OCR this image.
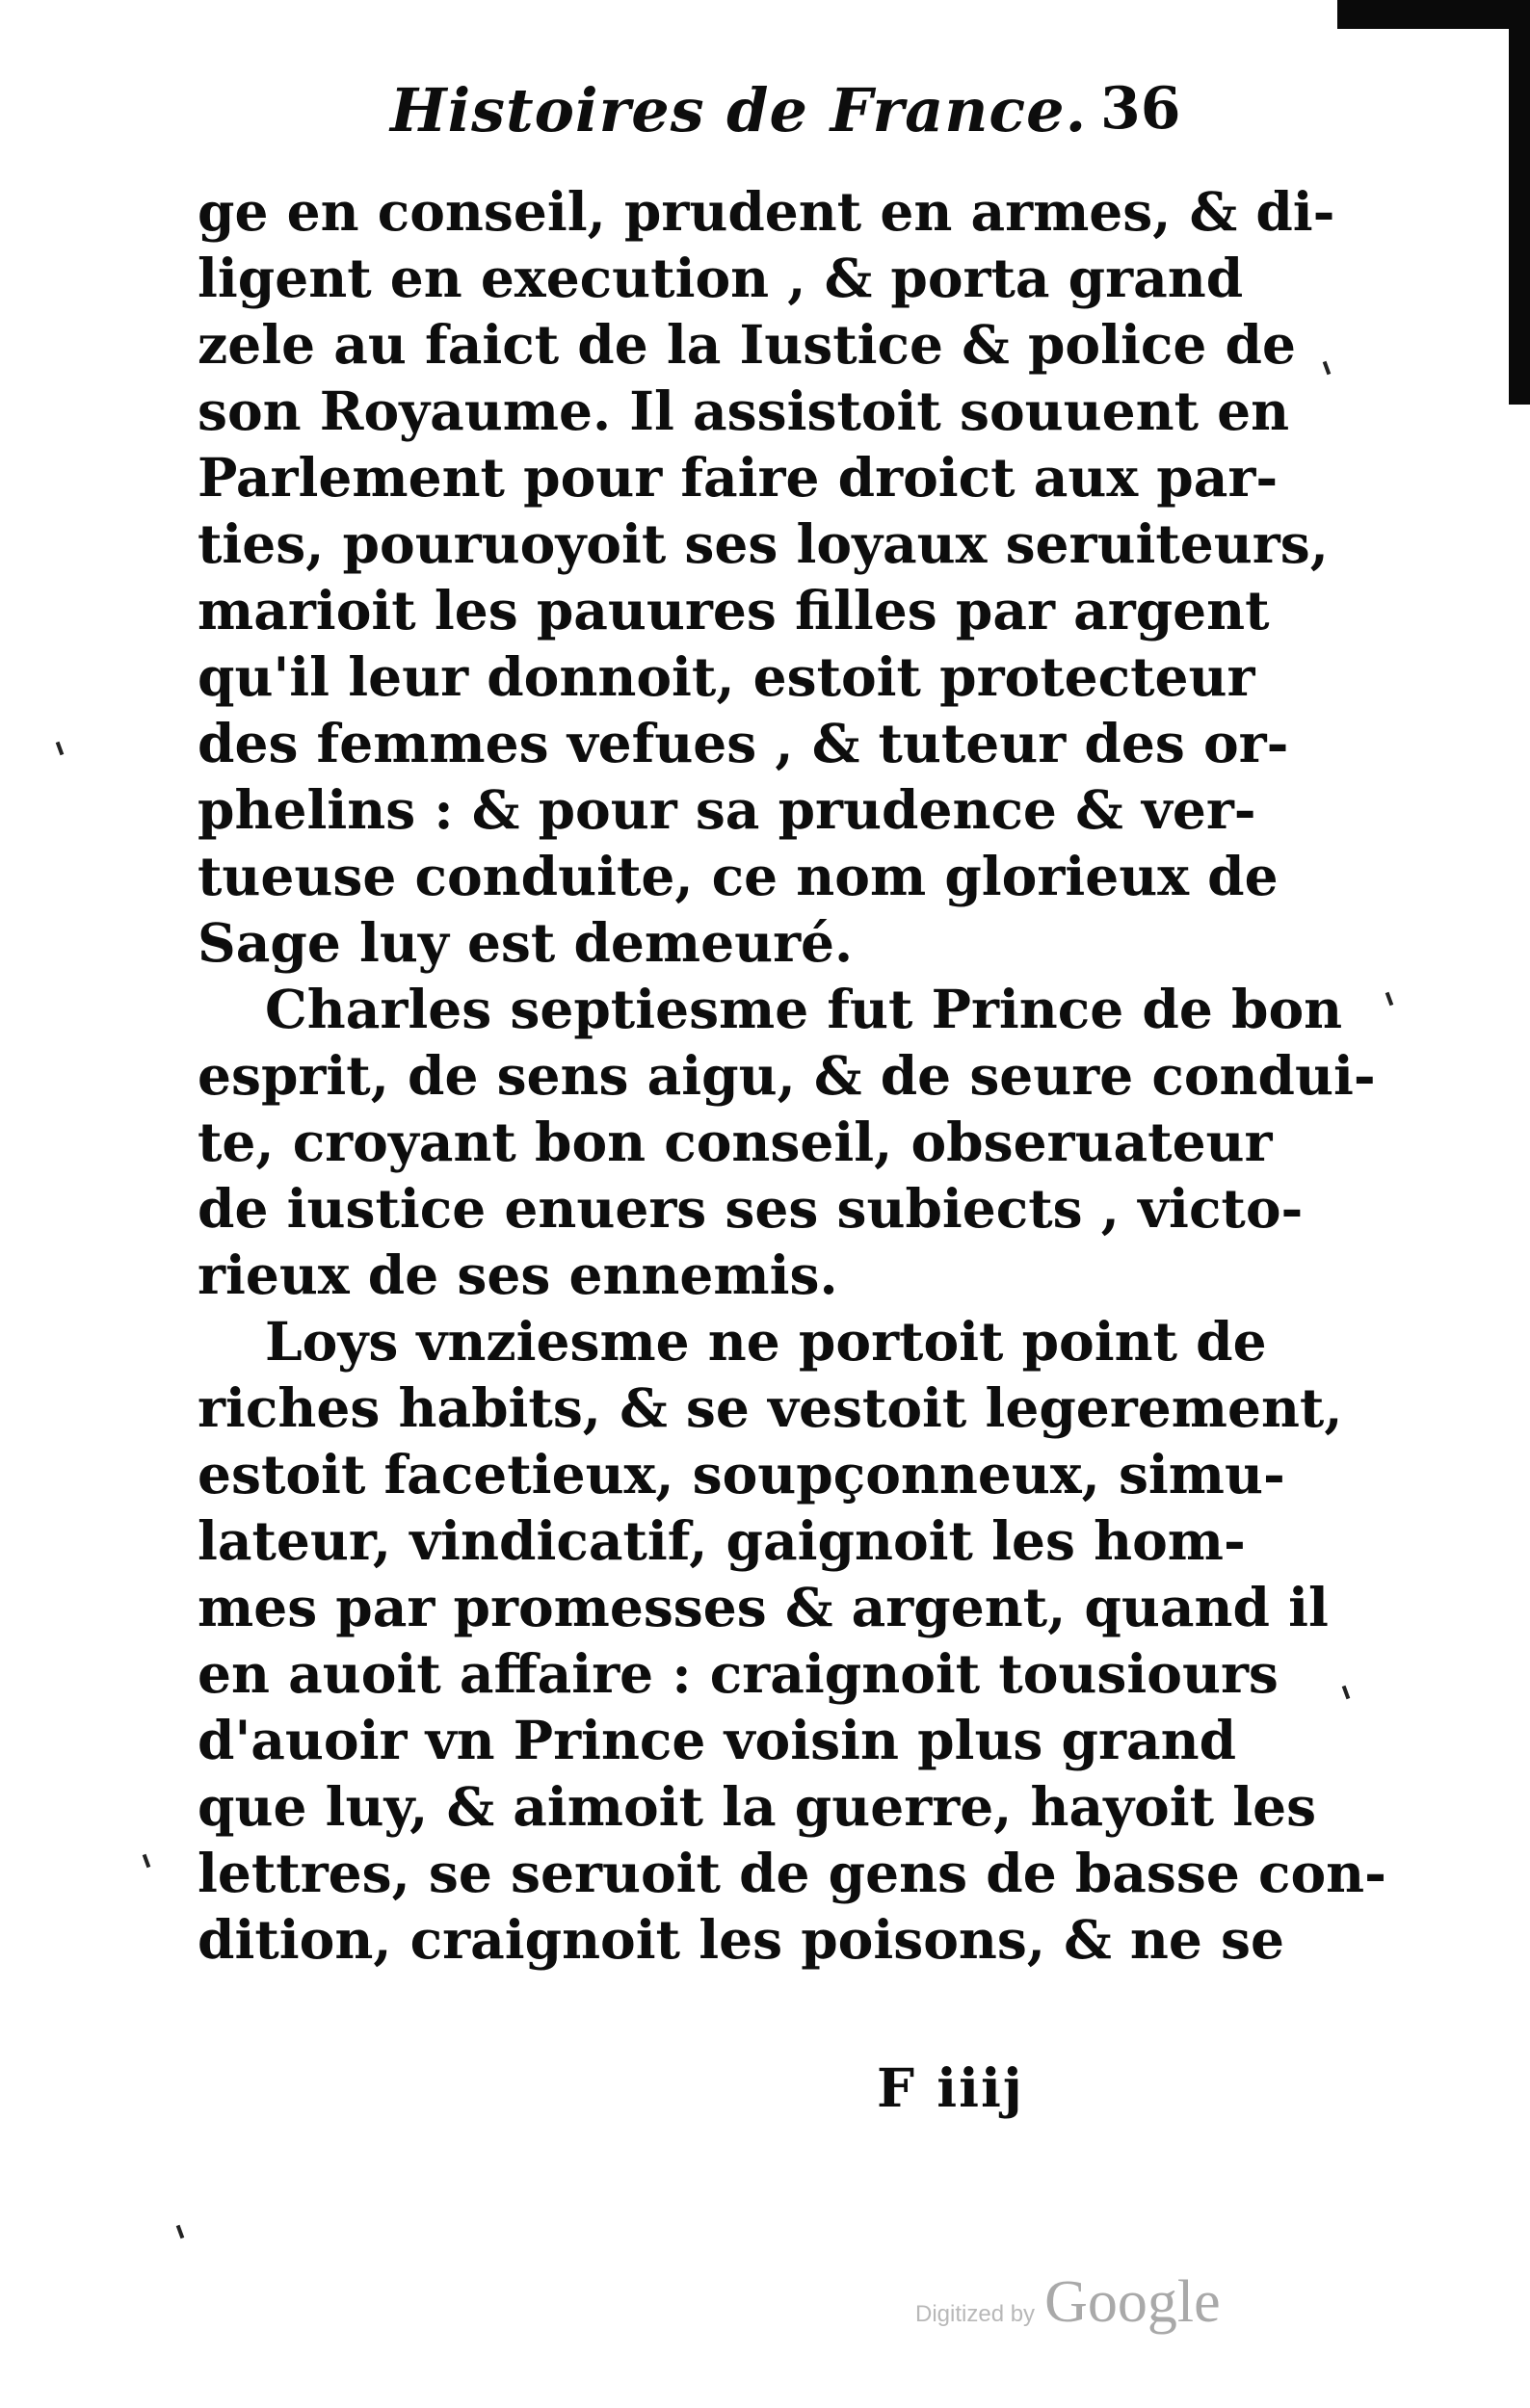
Histoires de France. 36
ge en conseil, prudent en armes, & di-
ligent en execution , & porta grand
zele au faict de la Iustice & police de
son Royaume. Il assistoit souuent en
Parlement pour faire droict aux par-
ties, pouruoyoit ses loyaux seruiteurs,
marioit les pauures filles par argent
qu'il leur donnoit, estoit protecteur
des femmes vefues , & tuteur des or-
phelins : & pour sa prudence & ver-
tueuse conduite, ce nom glorieux de
Sage luy est demeuré.
Charles septiesme fut Prince de bon
esprit, de sens aigu, & de seure condui-
te, croyant bon conseil, obseruateur
de iustice enuers ses subiects , victo-
rieux de ses ennemis.
Loys vnziesme ne portoit point de
riches habits, & se vestoit legerement,
estoit facetieux, soupçonneux, simu-
lateur, vindicatif, gaignoit les hom-
mes par promesses & argent, quand il
en auoit affaire : craignoit tousiours
d'auoir vn Prince voisin plus grand
que luy, & aimoit la guerre, hayoit les
lettres, se seruoit de gens de basse con-
dition, craignoit les poisons, & ne se
F iiij
Digitized by Google
